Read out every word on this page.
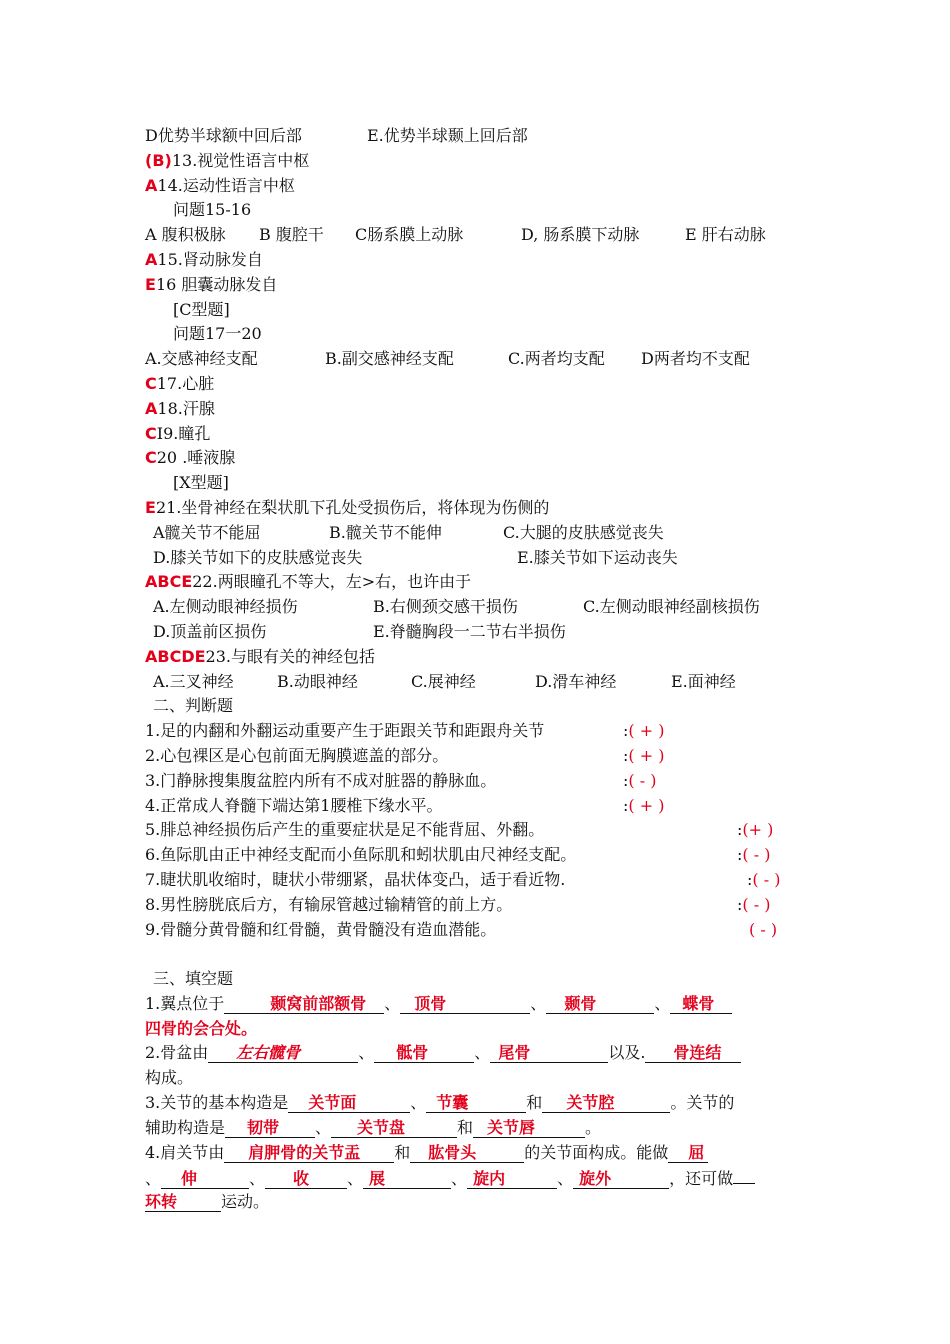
D优势半球额中回后部	E.优势半球颞上回后部
(B)13.视觉性语言中枢
A14.运动性语言中枢
问题15-16
A 腹积极脉 B 腹腔干 C肠系膜上动脉	D, 肠系膜下动脉	E 肝右动脉
A15.肾动脉发自
E16 胆囊动脉发自
[C型题]
问题17一20
A.交感神经支配	B.副交感神经支配	C.两者均支配 D两者均不支配
C17.心脏
A18.汗腺
CI9.瞳孔
C20 .唾液腺
[X型题]
E21.坐骨神经在梨状肌下孔处受损伤后，将体现为伤侧的
A髋关节不能屈	B.髋关节不能伸	C.大腿的皮肤感觉丧失
D.膝关节如下的皮肤感觉丧失	E.膝关节如下运动丧失
ABCE22.两眼瞳孔不等大，左>右，也许由于
A.左侧动眼神经损伤	B.右侧颈交感干损伤	C.左侧动眼神经副核损伤
D.顶盖前区损伤	E.脊髓胸段一二节右半损伤
ABCDE23.与眼有关的神经包括
A.三叉神经	B.动眼神经	C.展神经	D.滑车神经	E.面神经
二、判断题
1.足的内翻和外翻运动重要产生于距跟关节和距跟舟关节	:( + )
2.心包裸区是心包前面无胸膜遮盖的部分。	:( + )
3.门静脉搜集腹盆腔内所有不成对脏器的静脉血。	:( - )
4.正常成人脊髓下端达第1腰椎下缘水平。	:( + )
5.腓总神经损伤后产生的重要症状是足不能背屈、外翻。	:(+ )
6.鱼际肌由正中神经支配而小鱼际肌和蚓状肌由尺神经支配。	:( - )
7.睫状肌收缩时，睫状小带绷紧，晶状体变凸，适于看近物.	:( - )
8.男性膀胱底后方，有输尿管越过输精管的前上方。	:( - )
9.骨髓分黄骨髓和红骨髓，黄骨髓没有造血潜能。	( - )
三、填空题
1.翼点位于	颞窝前部额骨 、 顶骨	、 颞骨	、 蝶骨
四骨的会合处。
2.骨盆由 左右髋骨	、 骶骨	、 尾骨	以及. 骨连结
构成。
3.关节的基本构造是 关节面	、 节囊	和 关节腔	。关节的
辅助构造是 韧带 、 关节盘	和 关节唇	。
4.肩关节由 肩胛骨的关节盂 和 肱骨头	的关节面构成。能做 屈
、 伸	、 收 、 展	、 旋内	、 旋外	，还可做
环转	运动。
